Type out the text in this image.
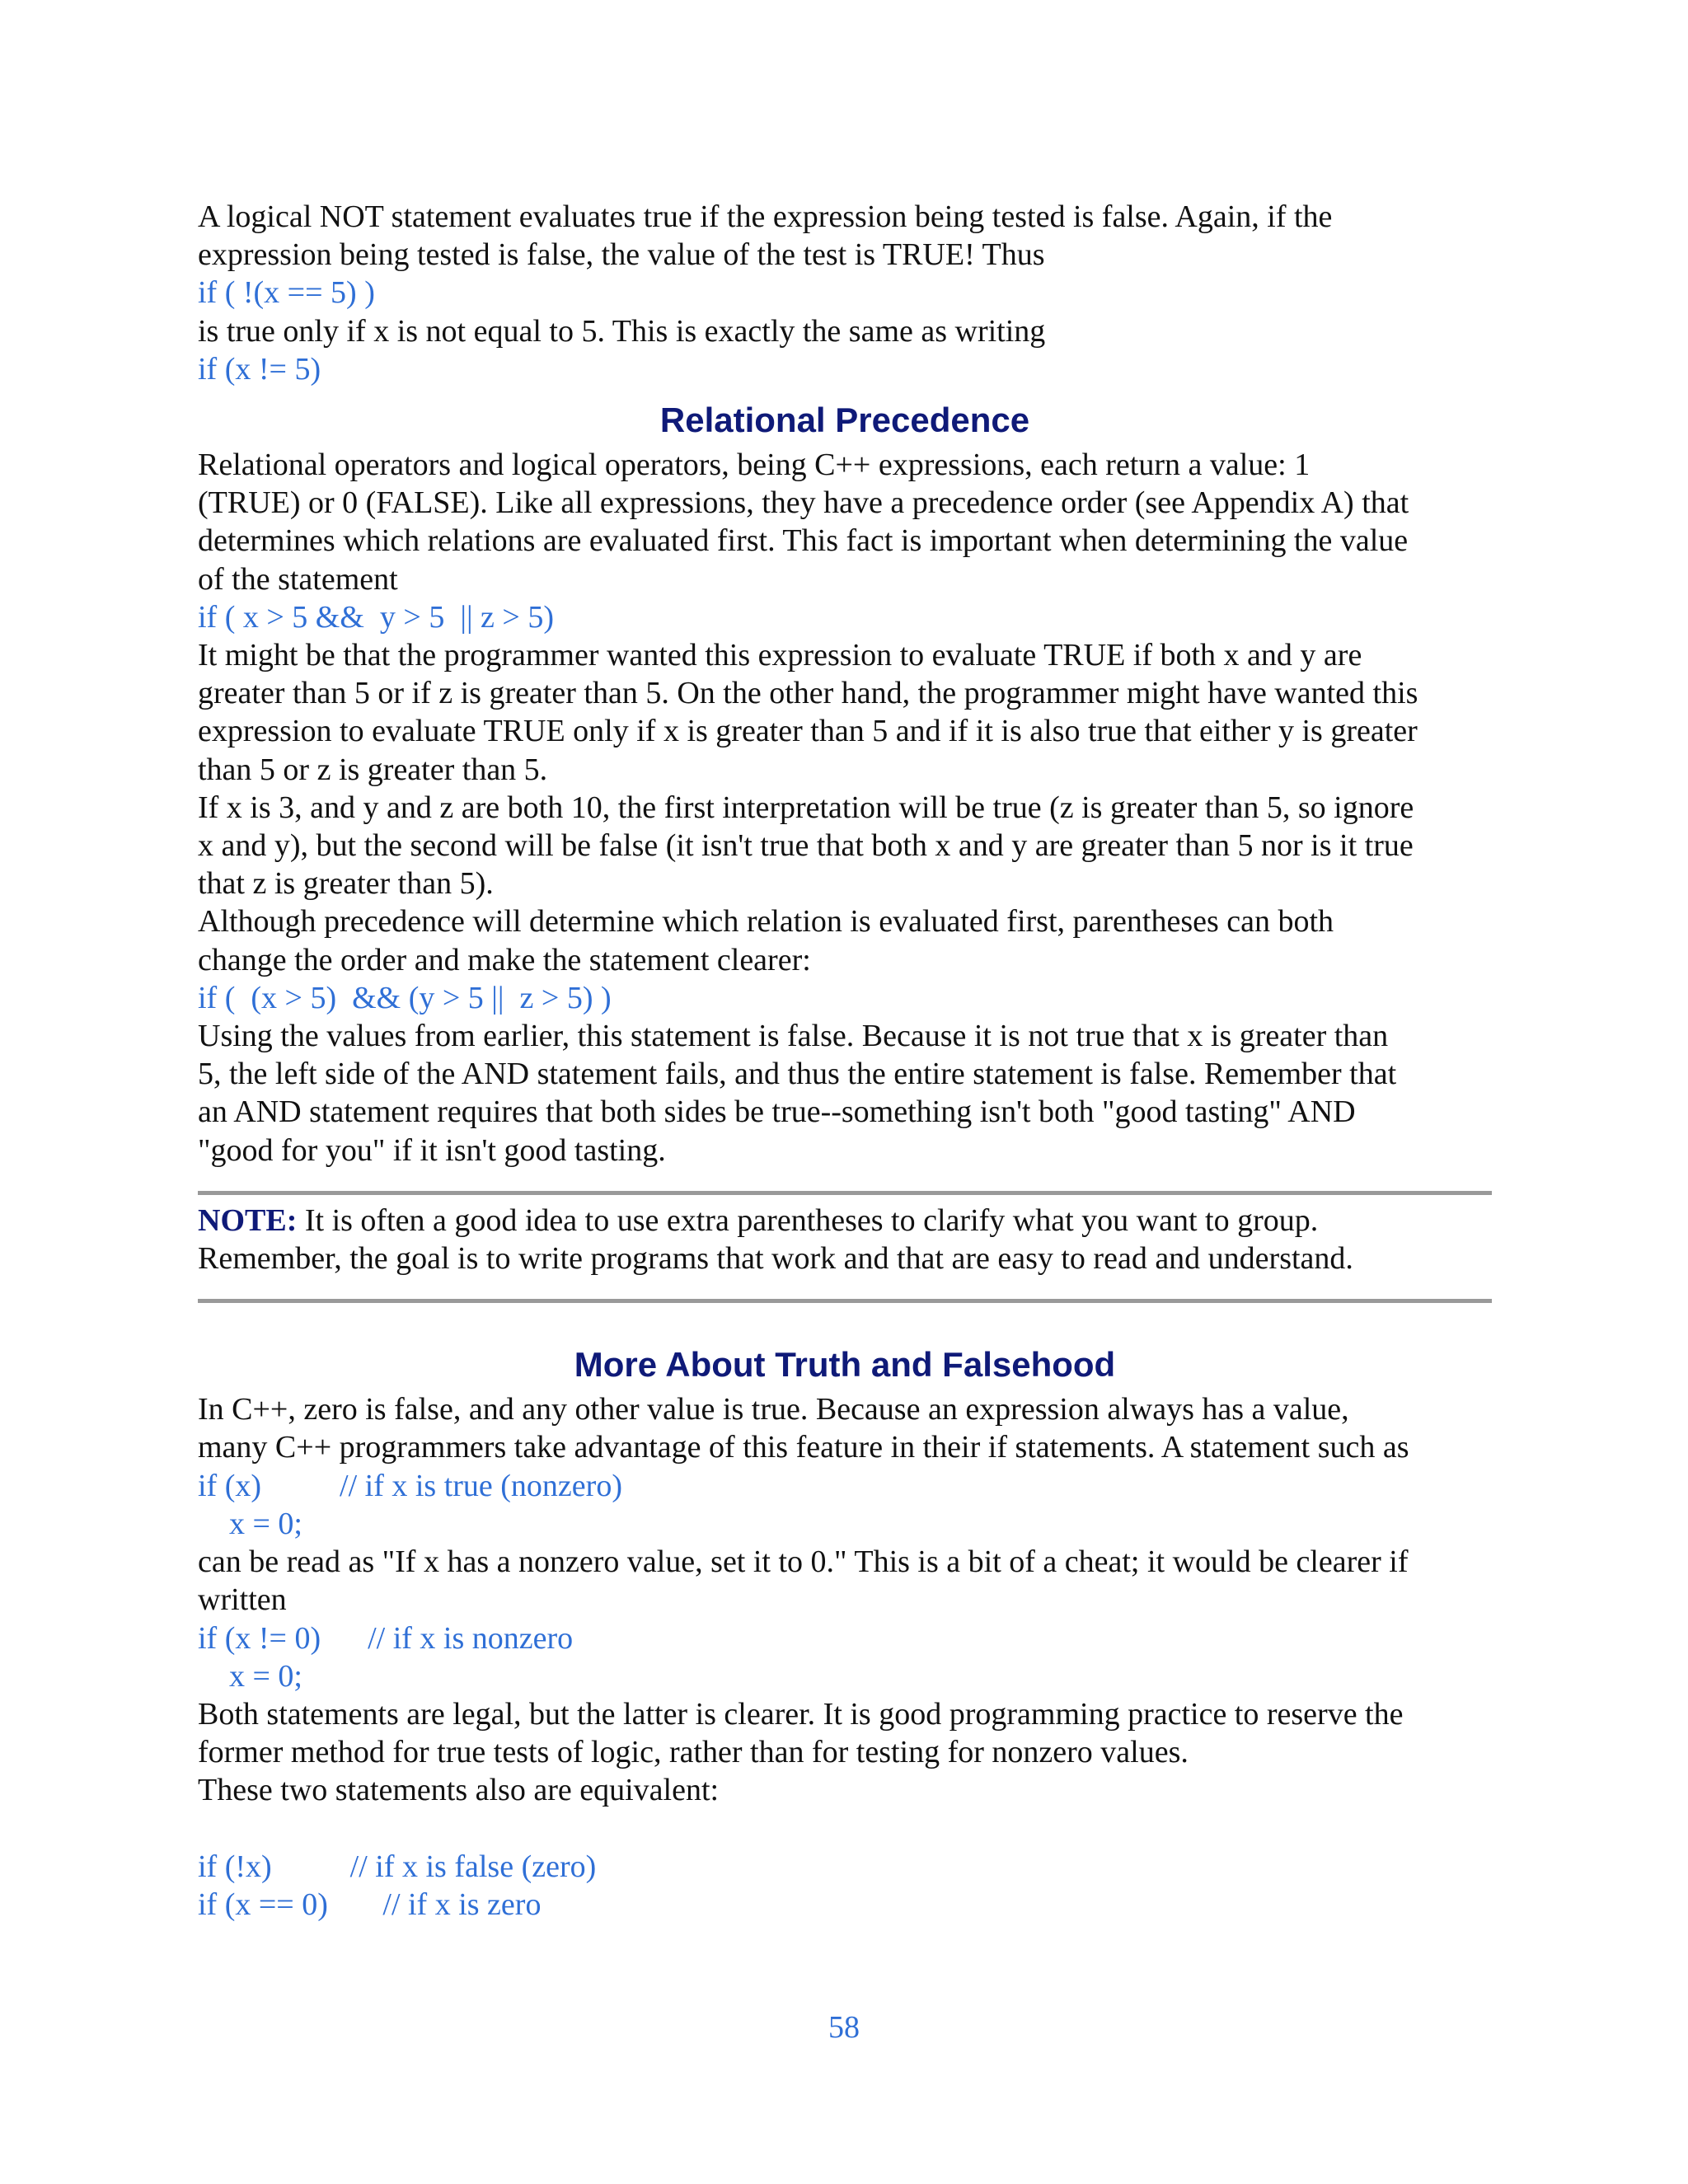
A logical NOT statement evaluates true if the expression being tested is false. Again, if the
expression being tested is false, the value of the test is TRUE! Thus
if ( !(x == 5) )
is true only if x is not equal to 5. This is exactly the same as writing
if (x != 5)
Relational Precedence
Relational operators and logical operators, being C++ expressions, each return a value: 1
(TRUE) or 0 (FALSE). Like all expressions, they have a precedence order (see Appendix A) that
determines which relations are evaluated first. This fact is important when determining the value
of the statement
if ( x > 5 &&  y > 5  || z > 5)
It might be that the programmer wanted this expression to evaluate TRUE if both x and y are
greater than 5 or if z is greater than 5. On the other hand, the programmer might have wanted this
expression to evaluate TRUE only if x is greater than 5 and if it is also true that either y is greater
than 5 or z is greater than 5.
If x is 3, and y and z are both 10, the first interpretation will be true (z is greater than 5, so ignore
x and y), but the second will be false (it isn't true that both x and y are greater than 5 nor is it true
that z is greater than 5).
Although precedence will determine which relation is evaluated first, parentheses can both
change the order and make the statement clearer:
if (  (x > 5)  && (y > 5 ||  z > 5) )
Using the values from earlier, this statement is false. Because it is not true that x is greater than
5, the left side of the AND statement fails, and thus the entire statement is false. Remember that
an AND statement requires that both sides be true--something isn't both "good tasting" AND
"good for you" if it isn't good tasting.
NOTE: It is often a good idea to use extra parentheses to clarify what you want to group.
Remember, the goal is to write programs that work and that are easy to read and understand.
More About Truth and Falsehood
In C++, zero is false, and any other value is true. Because an expression always has a value,
many C++ programmers take advantage of this feature in their if statements. A statement such as
if (x)          // if x is true (nonzero)
x = 0;
can be read as "If x has a nonzero value, set it to 0." This is a bit of a cheat; it would be clearer if
written
if (x != 0)      // if x is nonzero
x = 0;
Both statements are legal, but the latter is clearer. It is good programming practice to reserve the
former method for true tests of logic, rather than for testing for nonzero values.
These two statements also are equivalent:
if (!x)          // if x is false (zero)
if (x == 0)       // if x is zero
58
